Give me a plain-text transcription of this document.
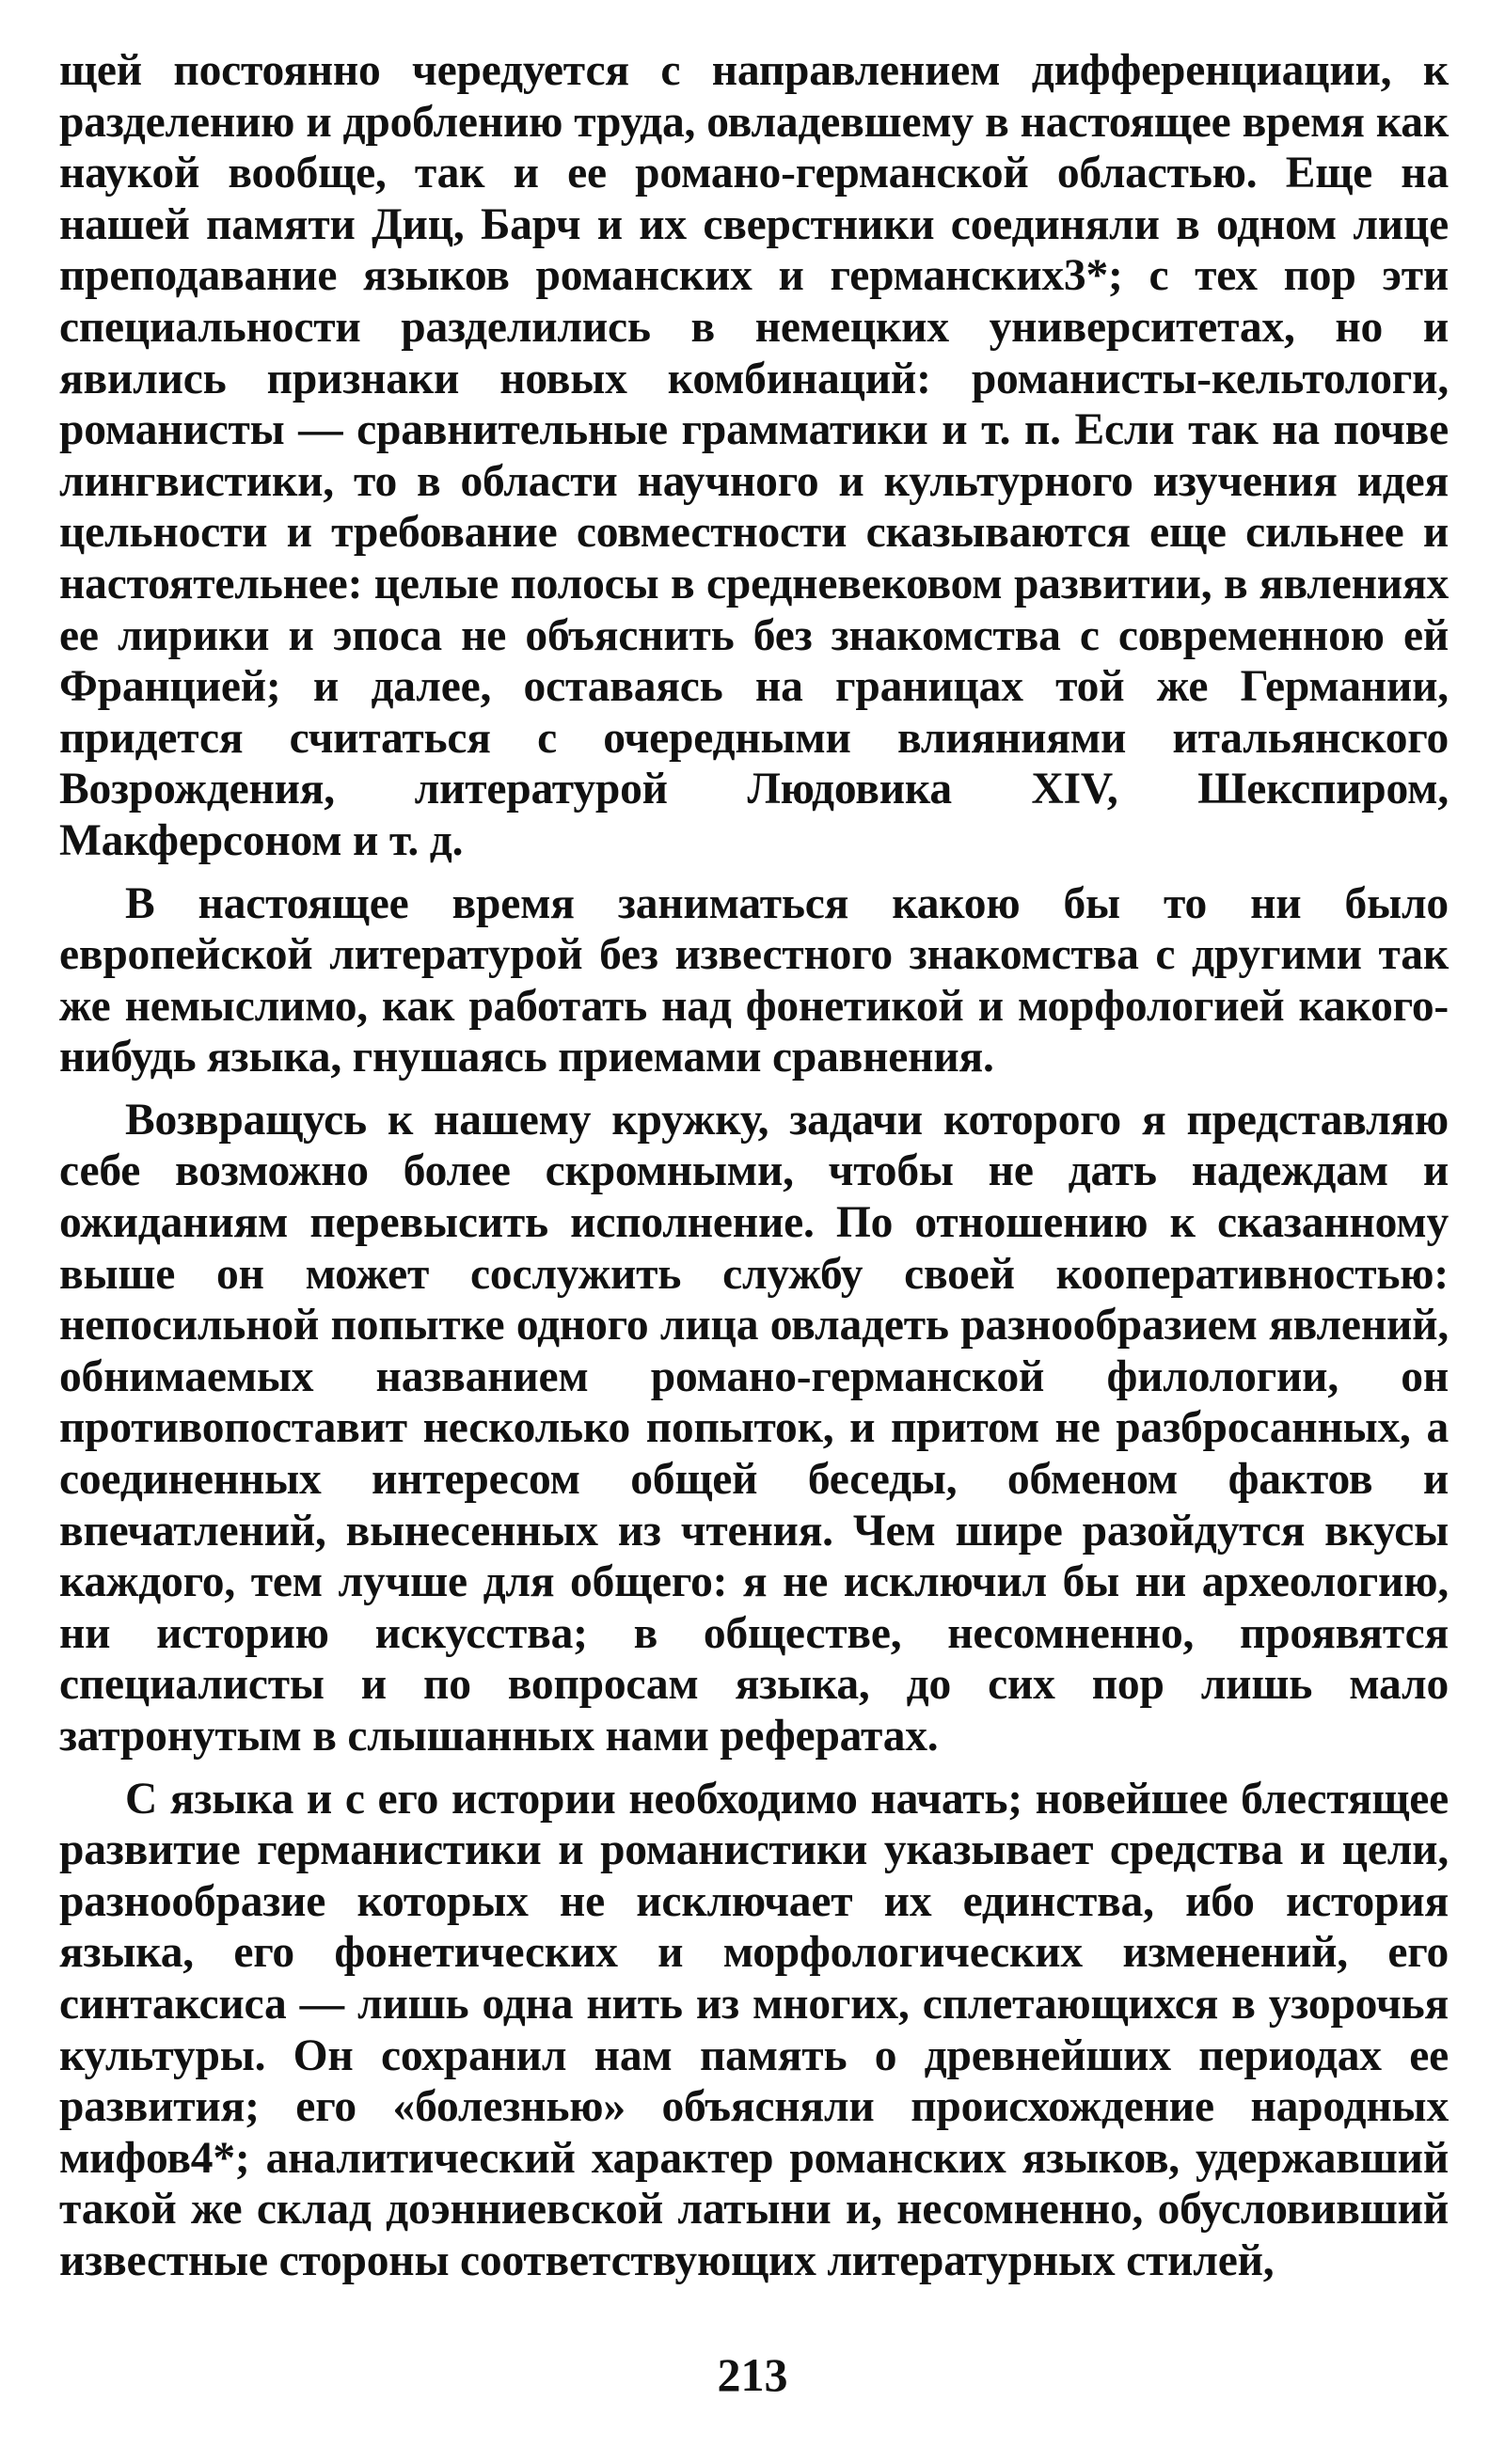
щей постоянно чередуется с направлением дифференциации, к разделению и дроблению труда, овладевшему в настоящее время как наукой вообще, так и ее романо-германской областью. Еще на нашей памяти Диц, Барч и их сверстники соединяли в одном лице преподавание языков романских и германских3*; с тех пор эти специальности разделились в немецких университетах, но и явились признаки новых комбинаций: романисты-кельтологи, романисты — сравнительные грамматики и т. п. Если так на почве лингвистики, то в области научного и культурного изучения идея цельности и требование совместности сказываются еще сильнее и настоятельнее: целые полосы в средневековом развитии, в явлениях ее лирики и эпоса не объяснить без знакомства с современною ей Францией; и далее, оставаясь на границах той же Германии, придется считаться с очередными влияниями итальянского Возрождения, литературой Людовика XIV, Шекспиром, Макферсоном и т. д.

В настоящее время заниматься какою бы то ни было европейской литературой без известного знакомства с другими так же немыслимо, как работать над фонетикой и морфологией какого-нибудь языка, гнушаясь приемами сравнения.

Возвращусь к нашему кружку, задачи которого я представляю себе возможно более скромными, чтобы не дать надеждам и ожиданиям перевысить исполнение. По отношению к сказанному выше он может сослужить службу своей кооперативностью: непосильной попытке одного лица овладеть разнообразием явлений, обнимаемых названием романо-германской филологии, он противопоставит несколько попыток, и притом не разбросанных, а соединенных интересом общей беседы, обменом фактов и впечатлений, вынесенных из чтения. Чем шире разойдутся вкусы каждого, тем лучше для общего: я не исключил бы ни археологию, ни историю искусства; в обществе, несомненно, проявятся специалисты и по вопросам языка, до сих пор лишь мало затронутым в слышанных нами рефератах.

С языка и с его истории необходимо начать; новейшее блестящее развитие германистики и романистики указывает средства и цели, разнообразие которых не исключает их единства, ибо история языка, его фонетических и морфологических изменений, его синтаксиса — лишь одна нить из многих, сплетающихся в узорочья культуры. Он сохранил нам память о древнейших периодах ее развития; его «болезнью» объясняли происхождение народных мифов4*; аналитический характер романских языков, удержавший такой же склад доэнниевской латыни и, несомненно, обусловивший известные стороны соответствующих литературных стилей,

213
